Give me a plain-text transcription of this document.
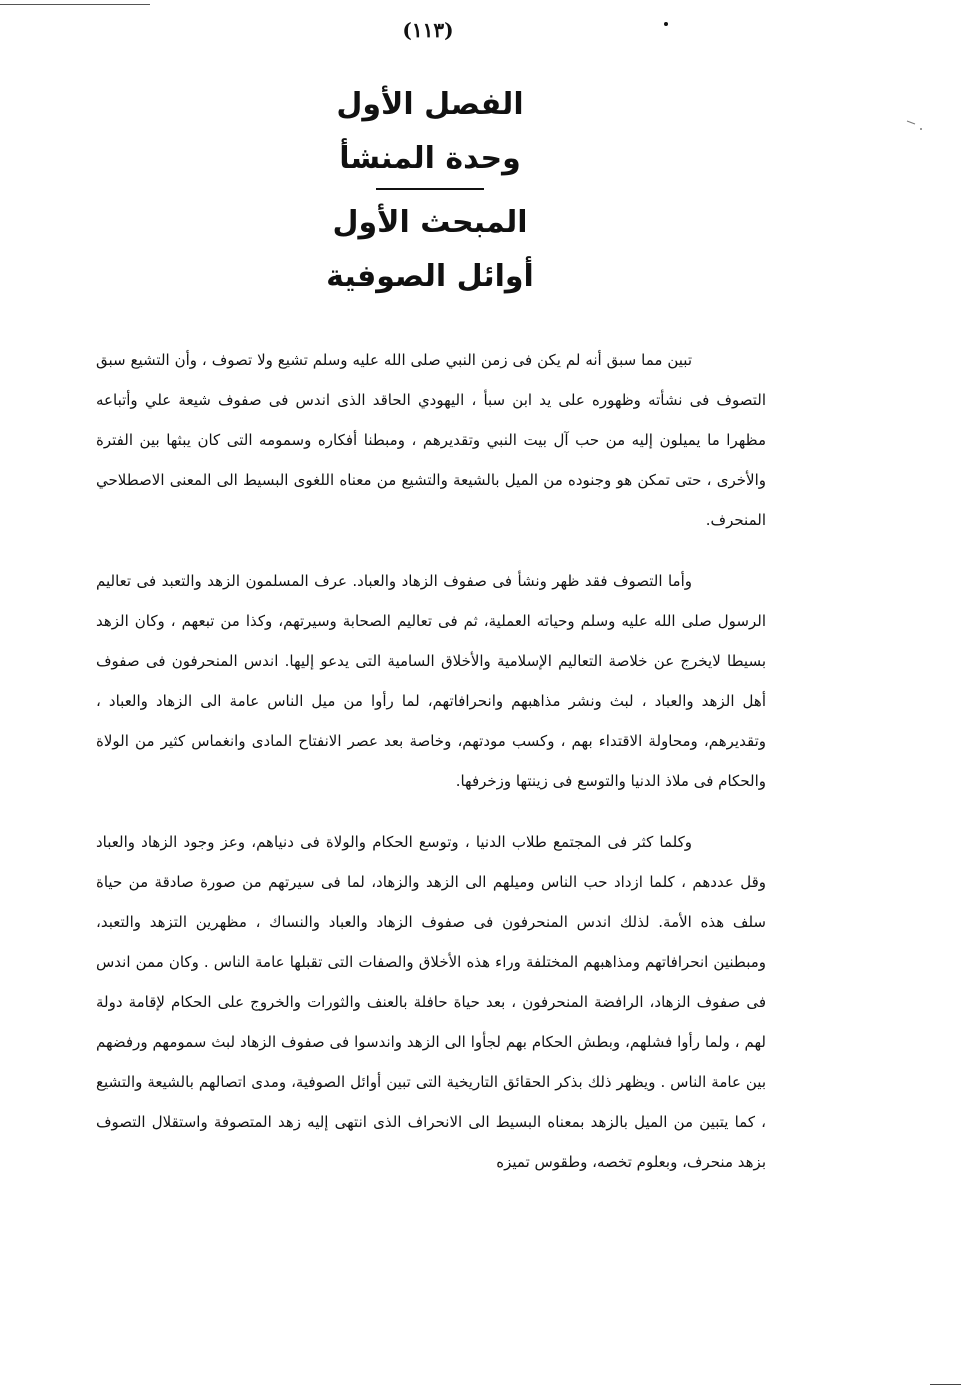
(١١٣)
الفصل الأول
وحدة المنشأ
المبحث الأول
أوائل الصوفية

تبين مما سبق أنه لم يكن فى زمن النبي صلى الله عليه وسلم تشيع ولا تصوف ، وأن التشيع سبق التصوف فى نشأته وظهوره على يد ابن سبأ ، اليهودي الحاقد الذى اندس فى صفوف شيعة علي وأتباعه مظهرا ما يميلون إليه من حب آل بيت النبي وتقديرهم ، ومبطنا أفكاره وسمومه التى كان يبثها بين الفترة والأخرى ، حتى تمكن هو وجنوده من الميل بالشيعة والتشيع من معناه اللغوى البسيط الى المعنى الاصطلاحي المنحرف.

وأما التصوف فقد ظهر ونشأ فى صفوف الزهاد والعباد. عرف المسلمون الزهد والتعبد فى تعاليم الرسول صلى الله عليه وسلم وحياته العملية، ثم فى تعاليم الصحابة وسيرتهم، وكذا من تبعهم ، وكان الزهد بسيطا لايخرج عن خلاصة التعاليم الإسلامية والأخلاق السامية التى يدعو إليها. اندس المنحرفون فى صفوف أهل الزهد والعباد ، لبث ونشر مذاهبهم وانحرافاتهم، لما رأوا من ميل الناس عامة الى الزهاد والعباد ، وتقديرهم، ومحاولة الاقتداء بهم ، وكسب مودتهم، وخاصة بعد عصر الانفتاح المادى وانغماس كثير من الولاة والحكام فى ملاذ الدنيا والتوسع فى زينتها وزخرفها.

وكلما كثر فى المجتمع طلاب الدنيا ، وتوسع الحكام والولاة فى دنياهم، وعز وجود الزهاد والعباد وقل عددهم ، كلما ازداد حب الناس وميلهم الى الزهد والزهاد، لما فى سيرتهم من صورة صادقة من حياة سلف هذه الأمة. لذلك اندس المنحرفون فى صفوف الزهاد والعباد والنساك ، مظهرين التزهد والتعبد، ومبطنين انحرافاتهم ومذاهبهم المختلفة وراء هذه الأخلاق والصفات التى تقبلها عامة الناس . وكان ممن اندس فى صفوف الزهاد، الرافضة المنحرفون ، بعد حياة حافلة بالعنف والثورات والخروج على الحكام لإقامة دولة لهم ، ولما رأوا فشلهم، وبطش الحكام بهم لجأوا الى الزهد واندسوا فى صفوف الزهاد لبث سمومهم ورفضهم بين عامة الناس . ويظهر ذلك بذكر الحقائق التاريخية التى تبين أوائل الصوفية، ومدى اتصالهم بالشيعة والتشيع ، كما يتبين من الميل بالزهد بمعناه البسيط الى الانحراف الذى انتهى إليه زهد المتصوفة واستقلال التصوف بزهد منحرف، وبعلوم تخصه، وطقوس تميزه
